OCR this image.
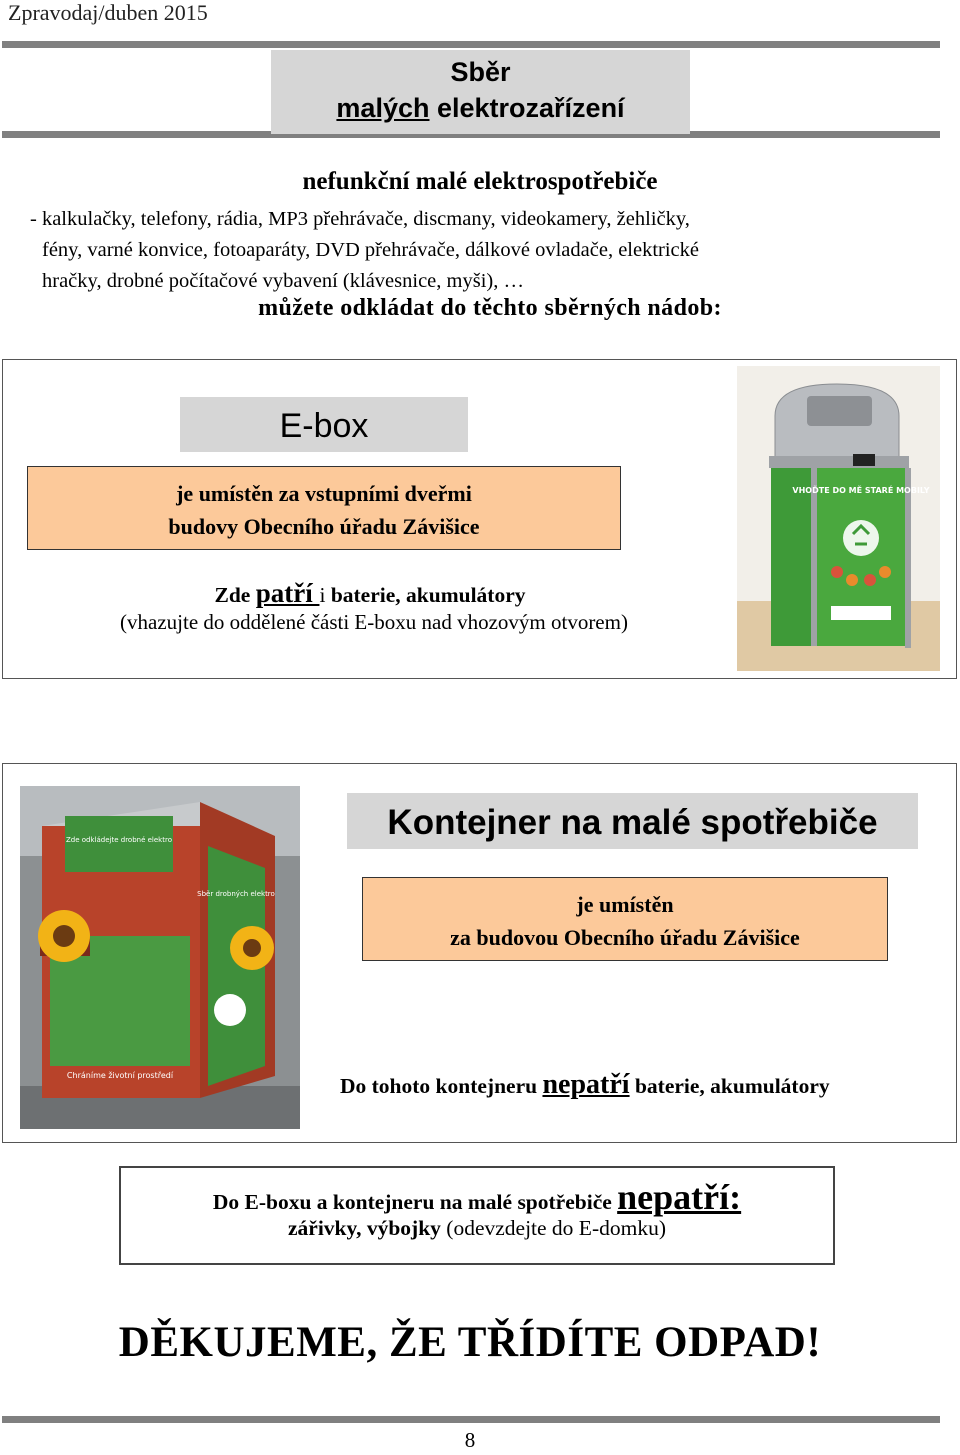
Zpravodaj/duben 2015
Sběr
malých elektrozařízení
nefunkční malé elektrospotřebiče
- kalkulačky, telefony, rádia, MP3 přehrávače, discmany, videokamery, žehličky,
fény, varné konvice, fotoaparáty, DVD přehrávače, dálkové ovladače, elektrické
hračky, drobné počítačové vybavení (klávesnice, myši), …
můžete odkládat do těchto sběrných nádob:
E-box
je umístěn za vstupními dveřmi
budovy Obecního úřadu Závišice
Zde patří i baterie, akumulátory
(vhazujte do oddělené části E-boxu nad vhozovým otvorem)
VHOĎTE DO MĚ STARÉ MOBILY
Zde odkládejte drobné elektro
Chráníme životní prostředí
Sběr drobných elektro
Kontejner na malé spotřebiče
je umístěn
za budovou Obecního úřadu Závišice
Do tohoto kontejneru nepatří baterie, akumulátory
Do E-boxu a kontejneru na malé spotřebiče nepatří:
zářivky, výbojky (odevzdejte do E-domku)
DĚKUJEME, ŽE TŘÍDÍTE ODPAD!
8
